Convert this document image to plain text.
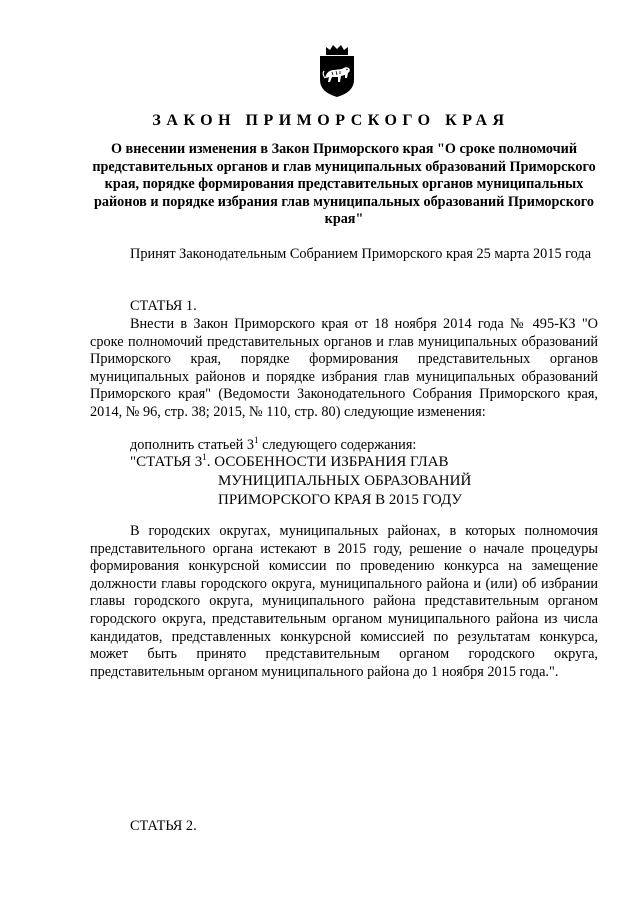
ЗАКОН ПРИМОРСКОГО КРАЯ
О внесении изменения в Закон Приморского края "О сроке полномочий представительных органов и глав муниципальных образований Приморского края, порядке формирования представительных органов муниципальных районов и порядке избрания глав муниципальных образований Приморского края"
Принят Законодательным Собранием Приморского края 25 марта 2015 года
СТАТЬЯ 1.
Внести в Закон Приморского края от 18 ноября 2014 года № 495-КЗ "О сроке полномочий представительных органов и глав муниципальных образований Приморского края, порядке формирования представительных органов муниципальных районов и порядке избрания глав муниципальных образований Приморского края" (Ведомости Законодательного Собрания Приморского края, 2014, № 96, стр. 38; 2015, № 110, стр. 80) следующие изменения:
дополнить статьей $3^1$ следующего содержания:
"СТАТЬЯ $3^1$. ОСОБЕННОСТИ ИЗБРАНИЯ ГЛАВ
МУНИЦИПАЛЬНЫХ ОБРАЗОВАНИЙ
ПРИМОРСКОГО КРАЯ В 2015 ГОДУ
В городских округах, муниципальных районах, в которых полномочия представительного органа истекают в 2015 году, решение о начале процедуры формирования конкурсной комиссии по проведению конкурса на замещение должности главы городского округа, муниципального района и (или) об избрании главы городского округа, муниципального района представительным органом городского округа, представительным органом муниципального района из числа кандидатов, представленных конкурсной комиссией по результатам конкурса, может быть принято представительным органом городского округа, представительным органом муниципального района до 1 ноября 2015 года.".
СТАТЬЯ 2.
